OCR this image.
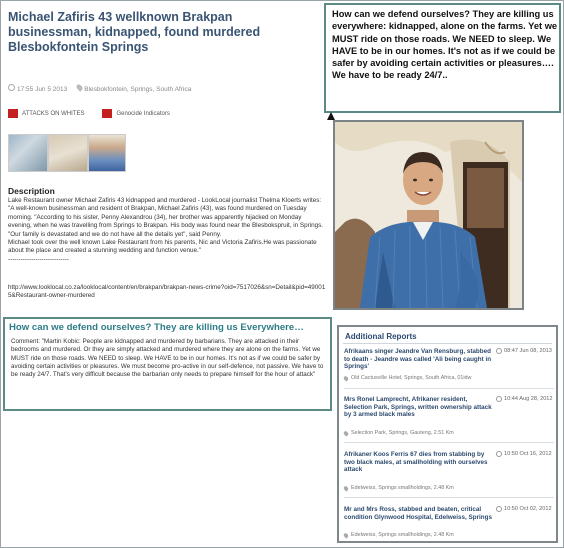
Michael Zafiris 43 wellknown Brakpan businessman, kidnapped, found murdered Blesbokfontein Springs
17:55 Jun 5 2013	Blesbokfontein, Springs, South Africa
ATTACKS ON WHITES	Genocide Indicators
Description

Lake Restaurant owner Michael Zafiris 43 kidnapped and murdered - LookLocal journalist Thelma Kloerts writes: "A well-known businessman and resident of Brakpan, Michael Zafiris (43), was found murdered on Tuesday morning. "According to his sister, Penny Alexandrou (34), her brother was apparently hijacked on Monday evening, when he was travelling from Springs to Brakpan. His body was found near the Blesbokspruit, in Springs. "Our family is devastated and we do not have all the details yet", said Penny.

Michael took over the well known Lake Restaurant from his parents, Nic and Victoria Zafiris.He was passionate about the place and created a stunning wedding and function venue."

-----------------------------

http://www.looklocal.co.za/looklocal/content/en/brakpan/brakpan-news-crime?oid=7517026&sn=Detail&pid=490015&Restaurant-owner-murdered
How can we defend ourselves? They are killing us Everywhere…
Comment: "Martin Kobic: People are kidnapped and murdered by barbarians. They are attacked in their bedrooms and murdered. Or they are simply attacked and murdered where they are alone on the farms. Yet we MUST ride on those roads. We NEED to sleep. We HAVE to be in our homes. It's not as if we could be safer by avoiding certain activities or pleasures. We must become pro-active in our self-defence, not passive. We have to be ready 24/7. That's very difficult because the barbarian only needs to prepare himself for the hour of attack"
How can we defend ourselves? They are killing us everywhere: kidnapped, alone on the farms. Yet we MUST ride on those roads. We NEED to sleep. We HAVE to be in our homes. It's not as if we could be safer by avoiding certain activities or pleasures…. We have to be ready 24/7..
Additional Reports
Afrikaans singer Jeandre Van Rensburg, stabbed to death - Jeandre was called 'Ali being caught in Springs'
08:47 Jun 08, 2013
Old Cactusville Hotel, Springs, South Africa, 01idw
Mrs Ronel Lamprecht, Afrikaner resident, Selection Park, Springs, written ownership attack by 3 armed black males
10:44 Aug 28, 2012
Selection Park, Springs, Gauteng, 2.51 Km
Afrikaner Koos Ferris 67 dies from stabbing by two black males, at smallholding with ourselves attack
10:50 Oct 16, 2012
Edelweiss, Springs smallholdings, 2.48 Km
Mr and Mrs Ross, stabbed and beaten, critical condition Glynwood Hospital, Edelweiss, Springs
10:50 Oct 02, 2012
Edelweiss, Springs smallholdings, 2.48 Km
